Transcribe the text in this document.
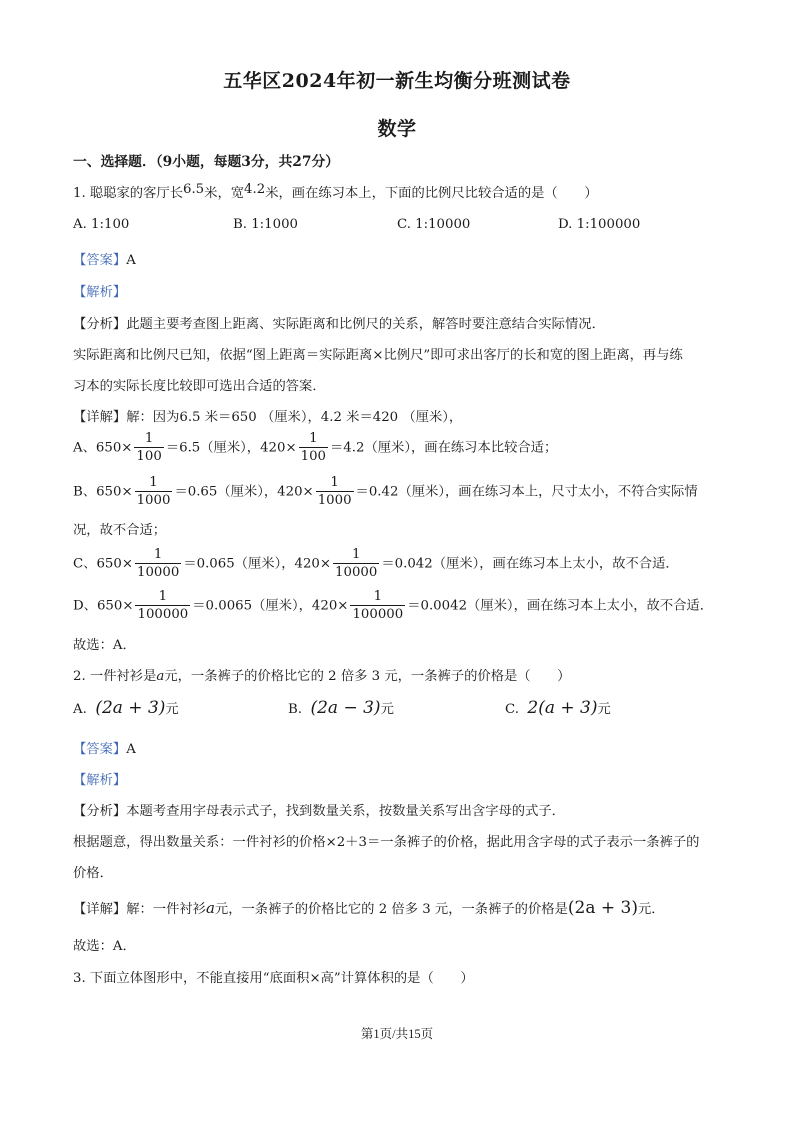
五华区2024年初一新生均衡分班测试卷
数学
一、选择题．（9小题，每题3分，共27分）
1. 聪聪家的客厅长6.5米，宽4.2米，画在练习本上，下面的比例尺比较合适的是（　　）
A. 1:100	B. 1:1000	C. 1:10000	D. 1:100000
【答案】A
【解析】
【分析】此题主要考查图上距离、实际距离和比例尺的关系，解答时要注意结合实际情况．
实际距离和比例尺已知，依据“图上距离＝实际距离×比例尺”即可求出客厅的长和宽的图上距离，再与练
习本的实际长度比较即可选出合适的答案．
【详解】解：因为6.5 米＝650 （厘米），4.2 米＝420 （厘米），
A、$650\times \frac{1}{100} =6.5$（厘米），$420\times \frac{1}{100} =4.2$（厘米），画在练习本比较合适；
B、$650\times \frac{1}{1000} =0.65$（厘米），$420\times \frac{1}{1000} =0.42$（厘米），画在练习本上，尺寸太小，不符合实际情
况，故不合适；
C、$650\times \frac{1}{10000} =0.065$（厘米），$420\times \frac{1}{10000} =0.042$（厘米），画在练习本上太小，故不合适．
D、$650\times \frac{1}{100000} =0.0065$（厘米），$420\times \frac{1}{100000} =0.0042$（厘米），画在练习本上太小，故不合适．
故选：A．
2. 一件衬衫是a元，一条裤子的价格比它的 2 倍多 3 元，一条裤子的价格是（　　）
A. (2a + 3)元	B. (2a − 3)元	C. 2(a + 3)元
【答案】A
【解析】
【分析】本题考查用字母表示式子，找到数量关系，按数量关系写出含字母的式子．
根据题意，得出数量关系：一件衬衫的价格×2＋3＝一条裤子的价格，据此用含字母的式子表示一条裤子的
价格．
【详解】解：一件衬衫a元，一条裤子的价格比它的 2 倍多 3 元，一条裤子的价格是(2a + 3)元．
故选：A．
3. 下面立体图形中，不能直接用“底面积×高”计算体积的是（　　）
第1页/共15页
